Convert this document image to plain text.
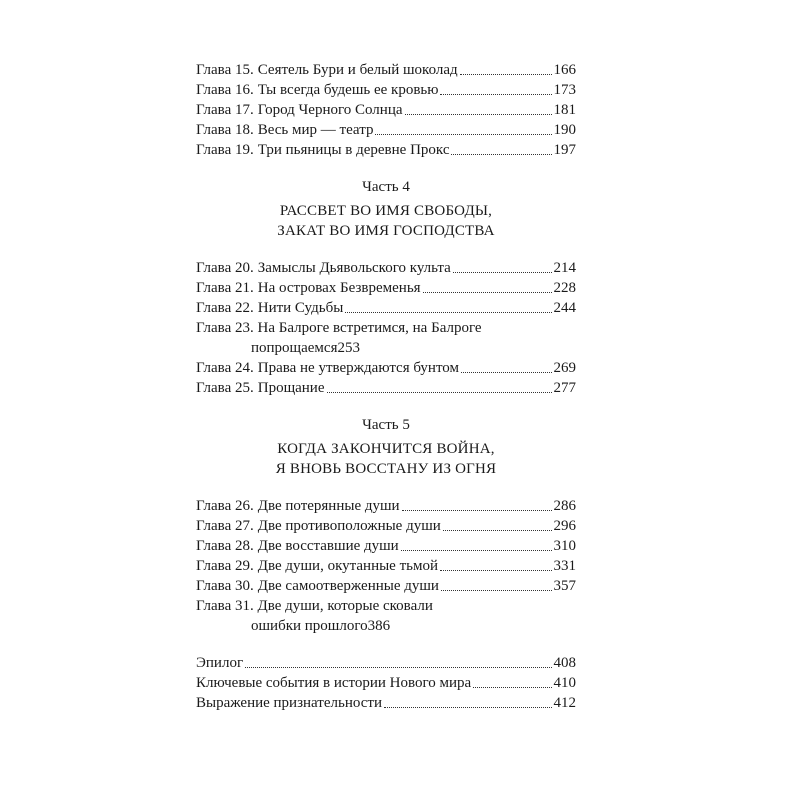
Глава 15. Сеятель Бури и белый шоколад	166
Глава 16. Ты всегда будешь ее кровью	173
Глава 17. Город Черного Солнца	181
Глава 18. Весь мир — театр	190
Глава 19. Три пьяницы в деревне Прокс	197
Часть 4
РАССВЕТ ВО ИМЯ СВОБОДЫ,
ЗАКАТ ВО ИМЯ ГОСПОДСТВА
Глава 20. Замыслы Дьявольского культа	214
Глава 21. На островах Безвременья	228
Глава 22. Нити Судьбы	244
Глава 23. На Балроге встретимся, на Балроге
попрощаемся 253
Глава 24. Права не утверждаются бунтом	269
Глава 25. Прощание	277
Часть 5
КОГДА ЗАКОНЧИТСЯ ВОЙНА,
Я ВНОВЬ ВОССТАНУ ИЗ ОГНЯ
Глава 26. Две потерянные души	286
Глава 27. Две противоположные души	296
Глава 28. Две восставшие души	310
Глава 29. Две души, окутанные тьмой	331
Глава 30. Две самоотверженные души	357
Глава 31. Две души, которые сковали
ошибки прошлого 386
Эпилог	408
Ключевые события в истории Нового мира	410
Выражение признательности	412
